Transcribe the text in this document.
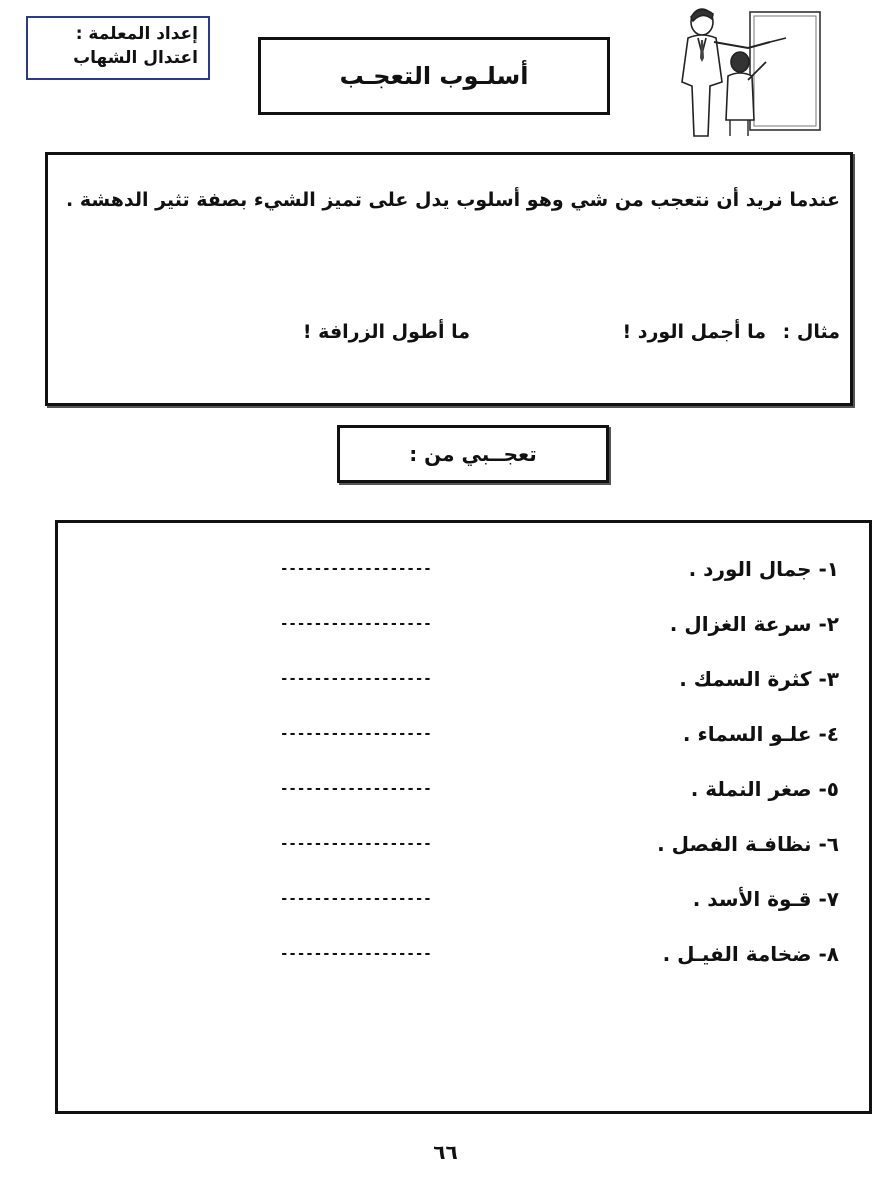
إعداد المعلمة :
اعتدال الشهاب
أسلـوب التعجـب
عندما نريد أن نتعجب من شي وهو أسلوب يدل على تميز الشيء بصفة تثير الدهشة .
مثال :
ما أجمل الورد !
ما أطول الزرافة !
تعجــبي من :
١- جمال الورد .
------------------
٢- سرعة الغزال .
------------------
٣- كثرة السمك .
------------------
٤- علـو السماء .
------------------
٥- صغر النملة .
------------------
٦- نظافـة الفصل .
------------------
٧- قـوة الأسد .
------------------
٨- ضخامة الفيـل .
------------------
٦٦
